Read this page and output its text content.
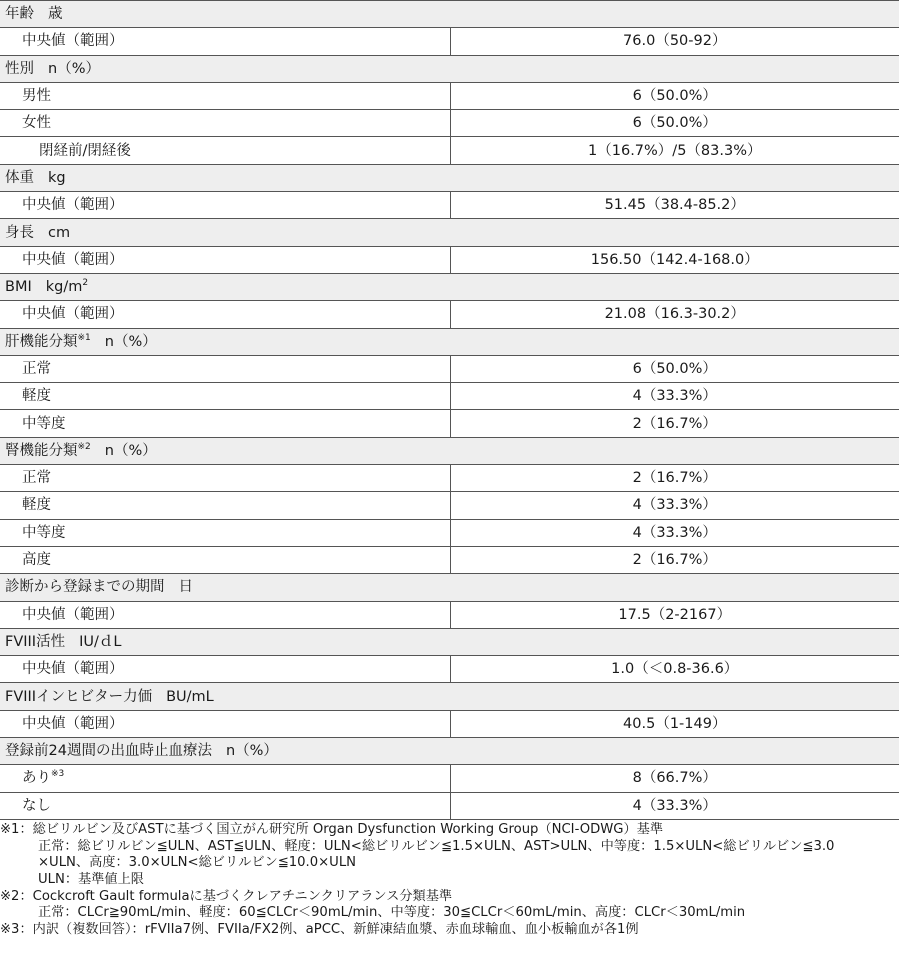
年齢 歳	
中央値（範囲）	76.0（50-92）
性別 n（%）	
男性	6（50.0%）
女性	6（50.0%）
閉経前/閉経後	1（16.7%）/5（83.3%）
体重 kg	
中央値（範囲）	51.45（38.4-85.2）
身長 cm	
中央値（範囲）	156.50（142.4-168.0）
BMI $kg/m^2$
中央値（範囲）	21.08（16.3-30.2）
肝機能分類$^{※1}$ n（%）	
正常	6（50.0%）
軽度	4（33.3%）
中等度	2（16.7%）
腎機能分類$^{※2}$ n（%）	
正常	2（16.7%）
軽度	4（33.3%）
中等度	4（33.3%）
高度	2（16.7%）
診断から登録までの期間 日	
中央値（範囲）	17.5（2-2167）
FVIII活性 IU/ｄL	
中央値（範囲）	1.0（＜0.8-36.6）
FVIIIインヒビター力価 BU/mL	
中央値（範囲）	40.5（1-149）
登録前24週間の出血時止血療法 n（%）	
あり$^{※3}$	8（66.7%）
なし	4（33.3%）
※1：総ビリルビン及びASTに基づく国立がん研究所 Organ Dysfunction Working Group（NCI-ODWG）基準
正常：総ビリルビン≦ULN、AST≦ULN、軽度：ULN<総ビリルビン≦1.5×ULN、AST>ULN、中等度：1.5×ULN<総ビリルビン≦3.0
×ULN、高度：3.0×ULN<総ビリルビン≦10.0×ULN
ULN：基準値上限
※2：Cockcroft Gault formulaに基づくクレアチニンクリアランス分類基準
正常：CLCr≧90mL/min、軽度：60≦CLCr＜90mL/min、中等度：30≦CLCr＜60mL/min、高度：CLCr＜30mL/min
※3：内訳（複数回答）：rFVIIa7例、FVIIa/FX2例、aPCC、新鮮凍結血漿、赤血球輸血、血小板輸血が各1例
